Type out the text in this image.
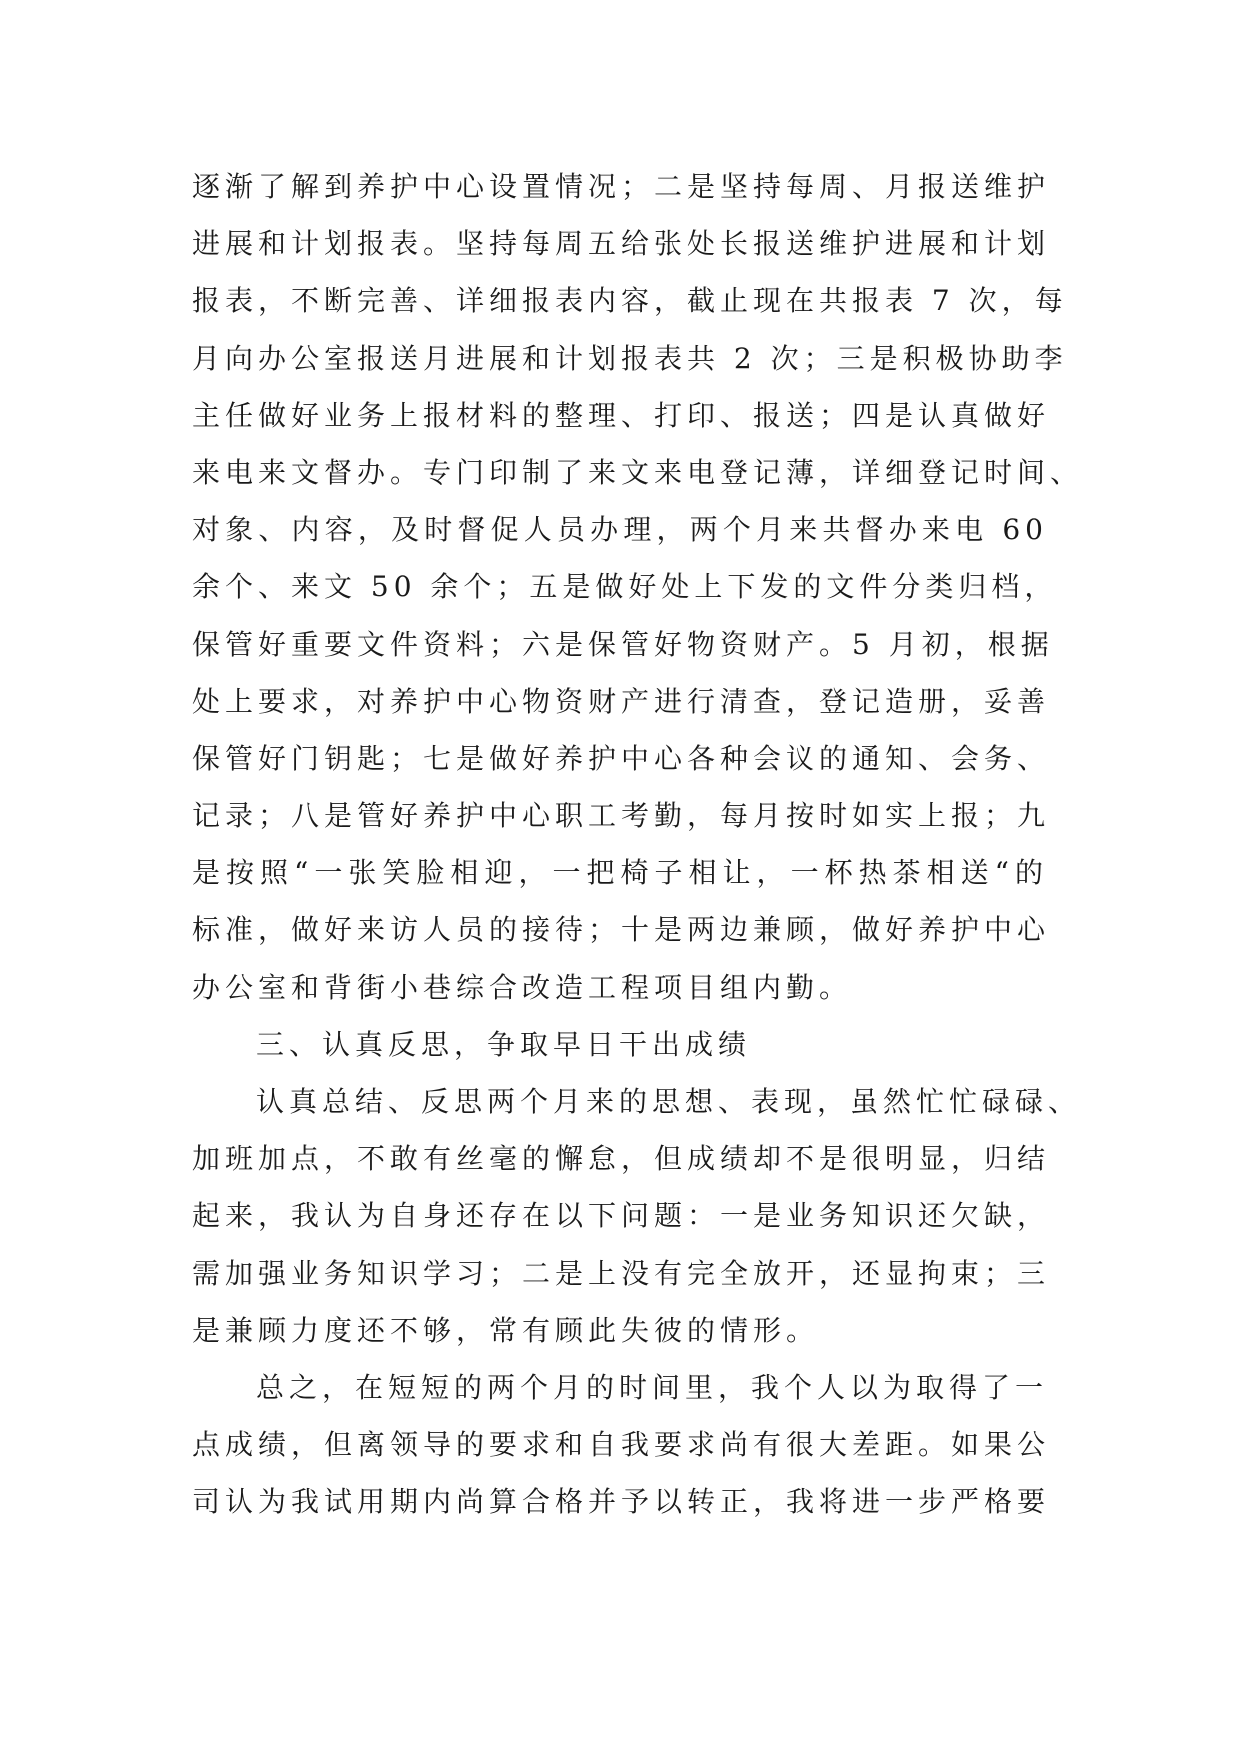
逐渐了解到养护中心设置情况；二是坚持每周、月报送维护
进展和计划报表。坚持每周五给张处长报送维护进展和计划
报表，不断完善、详细报表内容，截止现在共报表 7 次，每
月向办公室报送月进展和计划报表共 2 次；三是积极协助李
主任做好业务上报材料的整理、打印、报送；四是认真做好
来电来文督办。专门印制了来文来电登记薄，详细登记时间、
对象、内容，及时督促人员办理，两个月来共督办来电 60
余个、来文 50 余个；五是做好处上下发的文件分类归档，
保管好重要文件资料；六是保管好物资财产。5 月初，根据
处上要求，对养护中心物资财产进行清查，登记造册，妥善
保管好门钥匙；七是做好养护中心各种会议的通知、会务、
记录；八是管好养护中心职工考勤，每月按时如实上报；九
是按照“一张笑脸相迎，一把椅子相让，一杯热茶相送“的
标准，做好来访人员的接待；十是两边兼顾，做好养护中心
办公室和背街小巷综合改造工程项目组内勤。
三、认真反思，争取早日干出成绩
认真总结、反思两个月来的思想、表现，虽然忙忙碌碌、
加班加点，不敢有丝毫的懈怠，但成绩却不是很明显，归结
起来，我认为自身还存在以下问题：一是业务知识还欠缺，
需加强业务知识学习；二是上没有完全放开，还显拘束；三
是兼顾力度还不够，常有顾此失彼的情形。
总之，在短短的两个月的时间里，我个人以为取得了一
点成绩，但离领导的要求和自我要求尚有很大差距。如果公
司认为我试用期内尚算合格并予以转正，我将进一步严格要
